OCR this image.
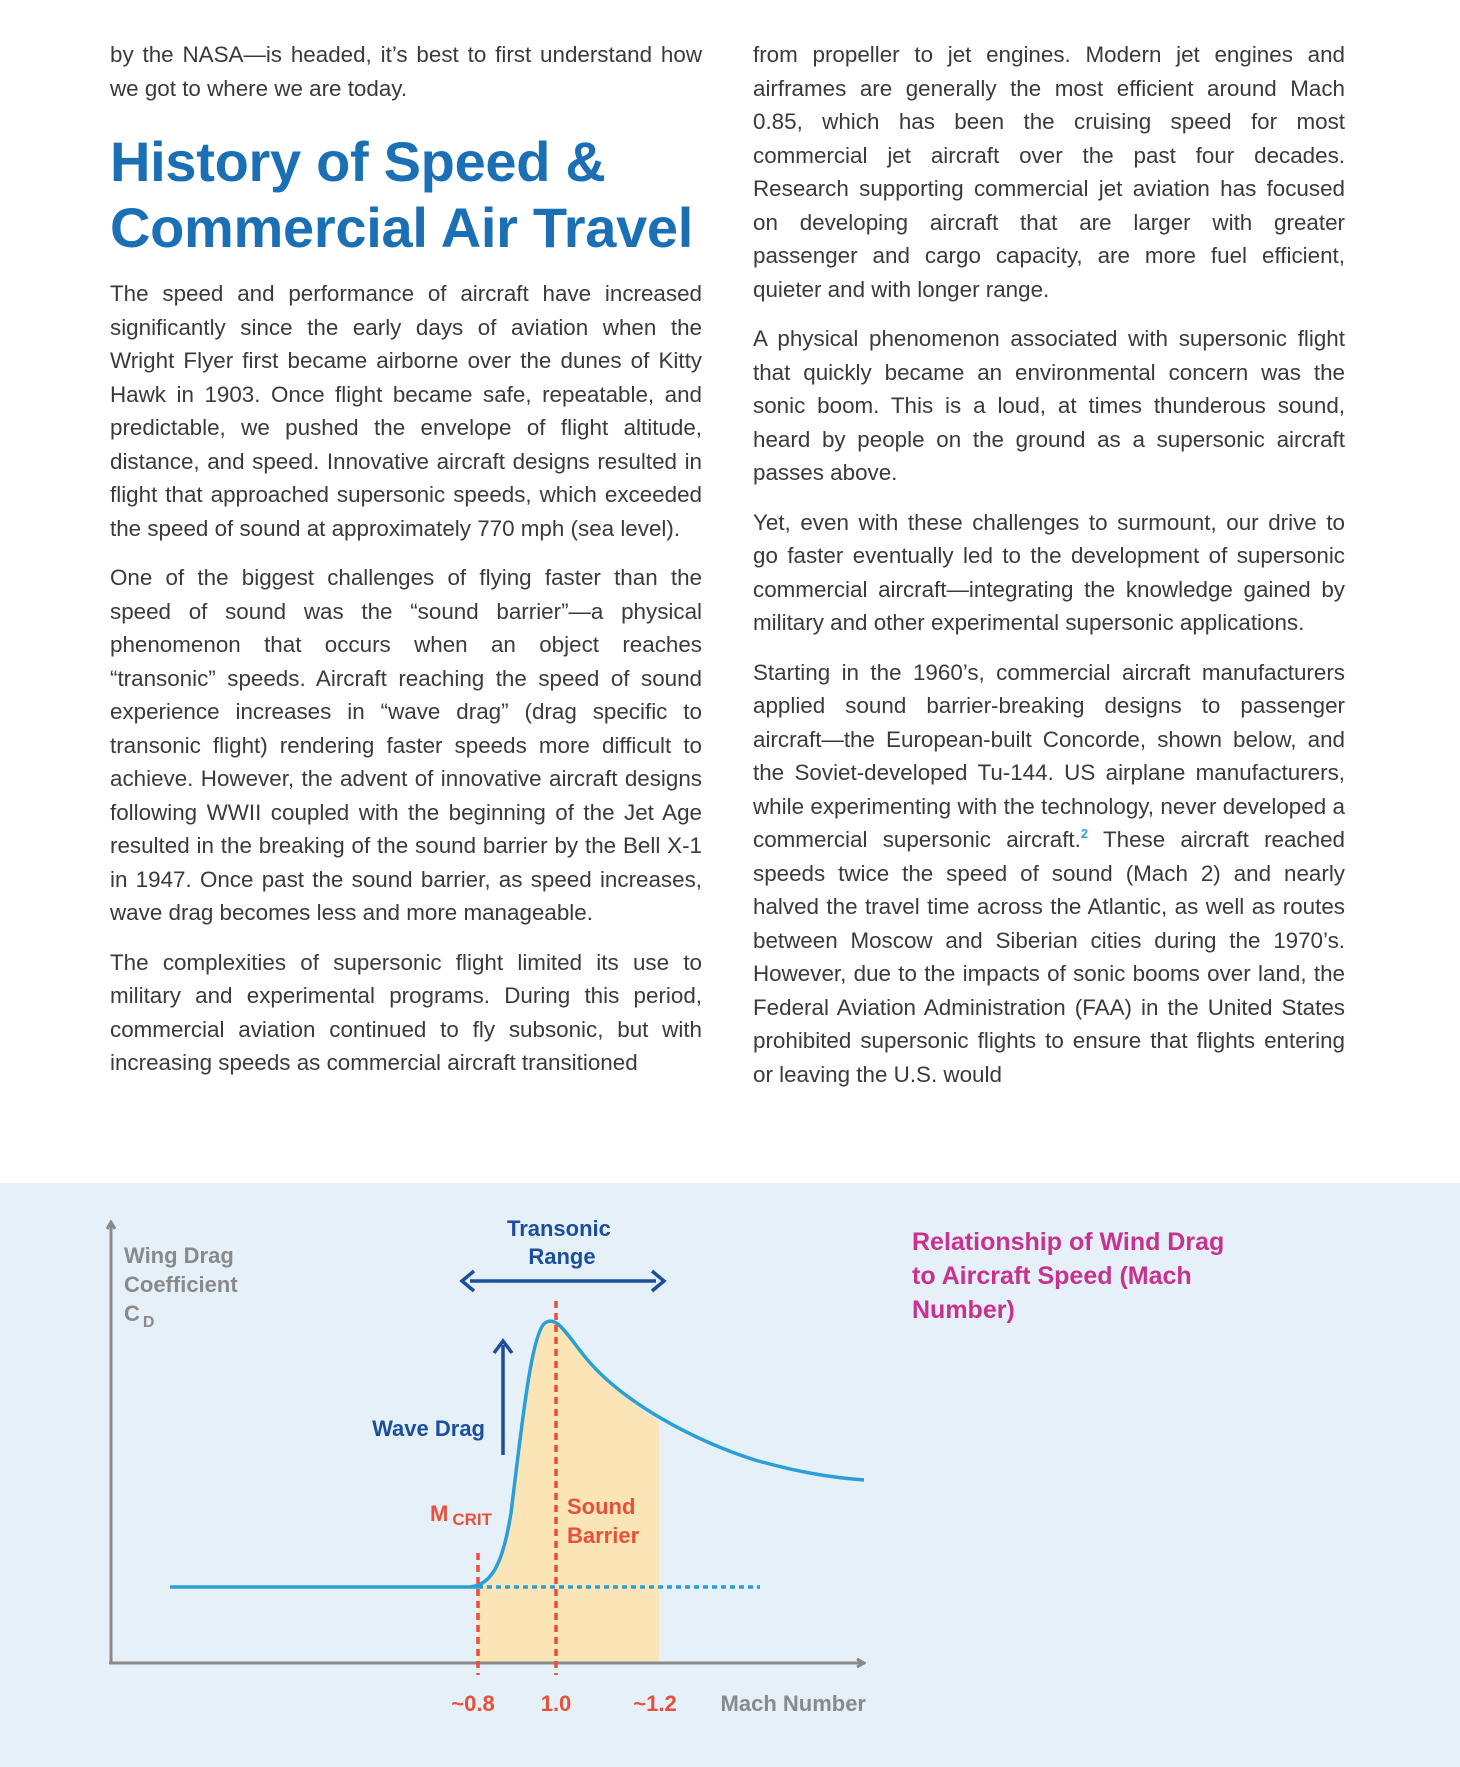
by the NASA—is headed, it’s best to first understand how we got to where we are today.

History of Speed &
Commercial Air Travel

The speed and performance of aircraft have increased significantly since the early days of aviation when the Wright Flyer first became airborne over the dunes of Kitty Hawk in 1903. Once flight became safe, repeatable, and predictable, we pushed the envelope of flight altitude, distance, and speed. Innovative aircraft designs resulted in flight that approached supersonic speeds, which exceeded the speed of sound at approximately 770 mph (sea level).

One of the biggest challenges of flying faster than the speed of sound was the “sound barrier”—a physical phenomenon that occurs when an object reaches “transonic” speeds. Aircraft reaching the speed of sound experience increases in “wave drag” (drag specific to transonic flight) rendering faster speeds more difficult to achieve. However, the advent of innovative aircraft designs following WWII coupled with the beginning of the Jet Age resulted in the breaking of the sound barrier by the Bell X-1 in 1947. Once past the sound barrier, as speed increases, wave drag becomes less and more manageable.

The complexities of supersonic flight limited its use to military and experimental programs. During this period, commercial aviation continued to fly subsonic, but with increasing speeds as commercial aircraft transitioned

from propeller to jet engines. Modern jet engines and airframes are generally the most efficient around Mach 0.85, which has been the cruising speed for most commercial jet aircraft over the past four decades. Research supporting commercial jet aviation has focused on developing aircraft that are larger with greater passenger and cargo capacity, are more fuel efficient, quieter and with longer range.

A physical phenomenon associated with supersonic flight that quickly became an environmental concern was the sonic boom. This is a loud, at times thunderous sound, heard by people on the ground as a supersonic aircraft passes above.

Yet, even with these challenges to surmount, our drive to go faster eventually led to the development of supersonic commercial aircraft—integrating the knowledge gained by military and other experimental supersonic applications.

Starting in the 1960’s, commercial aircraft manufacturers applied sound barrier-breaking designs to passenger aircraft—the European-built Concorde, shown below, and the Soviet-developed Tu-144. US airplane manufacturers, while experimenting with the technology, never developed a commercial supersonic aircraft.$^2$ These aircraft reached speeds twice the speed of sound (Mach 2) and nearly halved the travel time across the Atlantic, as well as routes between Moscow and Siberian cities during the 1970’s. However, due to the impacts of sonic booms over land, the Federal Aviation Administration (FAA) in the United States prohibited supersonic flights to ensure that flights entering or leaving the U.S. would

Wing Drag Coefficient
C $_D$
Transonic Range
Wave Drag
M CRIT
Sound Barrier
~0.8 1.0	~1.2 Mach Number
Relationship of Wind Drag to Aircraft Speed (Mach Number)
